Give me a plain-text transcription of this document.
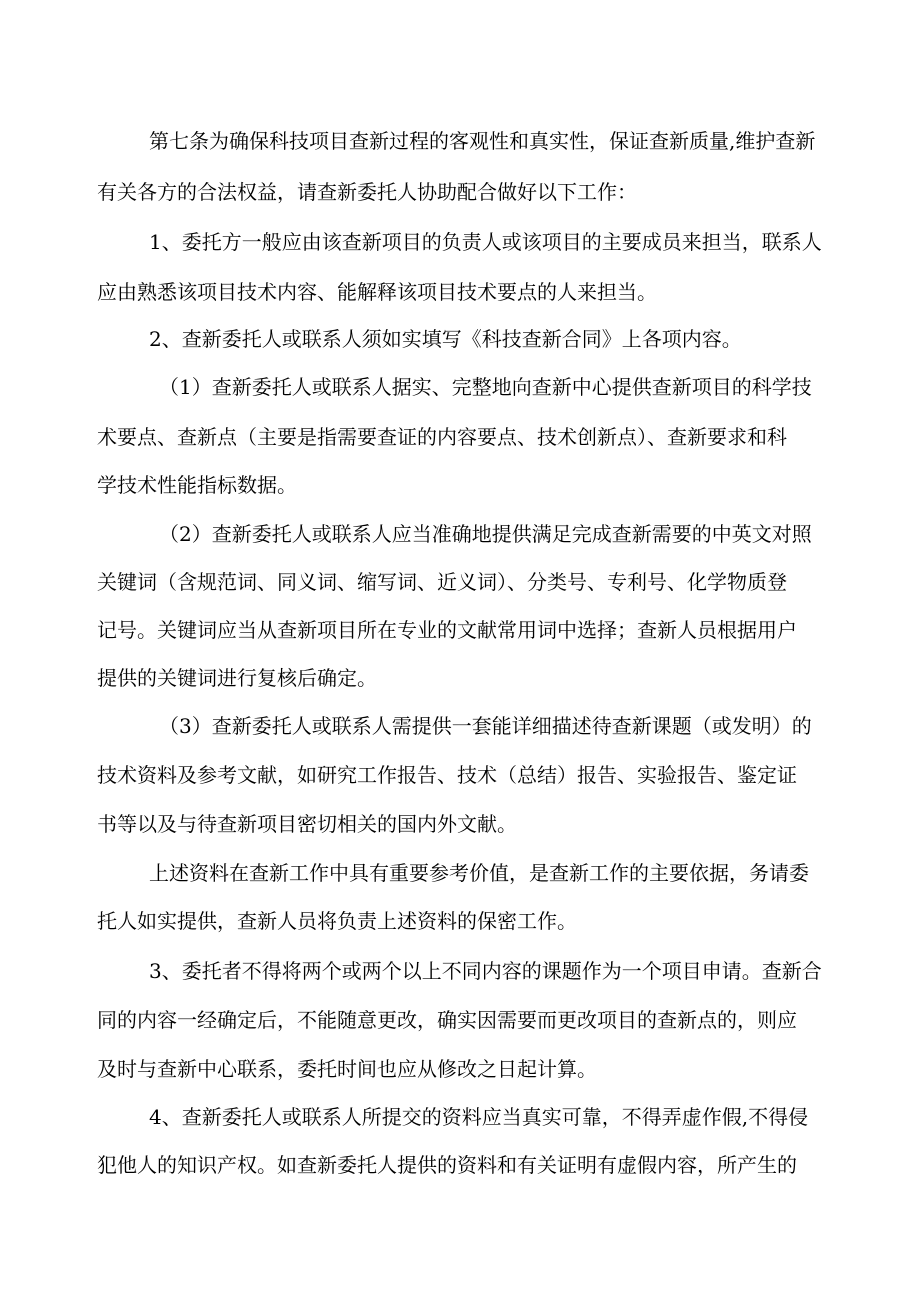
第七条为确保科技项目查新过程的客观性和真实性，保证查新质量,维护查新

有关各方的合法权益，请查新委托人协助配合做好以下工作：

1、委托方一般应由该查新项目的负责人或该项目的主要成员来担当，联系人

应由熟悉该项目技术内容、能解释该项目技术要点的人来担当。

2、查新委托人或联系人须如实填写《科技查新合同》上各项内容。

（1）查新委托人或联系人据实、完整地向查新中心提供查新项目的科学技

术要点、查新点（主要是指需要查证的内容要点、技术创新点）、查新要求和科

学技术性能指标数据。

（2）查新委托人或联系人应当准确地提供满足完成查新需要的中英文对照

关键词（含规范词、同义词、缩写词、近义词）、分类号、专利号、化学物质登

记号。关键词应当从查新项目所在专业的文献常用词中选择；查新人员根据用户

提供的关键词进行复核后确定。

（3）查新委托人或联系人需提供一套能详细描述待查新课题（或发明）的

技术资料及参考文献，如研究工作报告、技术（总结）报告、实验报告、鉴定证

书等以及与待查新项目密切相关的国内外文献。

上述资料在查新工作中具有重要参考价值，是查新工作的主要依据，务请委

托人如实提供，查新人员将负责上述资料的保密工作。

3、委托者不得将两个或两个以上不同内容的课题作为一个项目申请。查新合

同的内容一经确定后，不能随意更改，确实因需要而更改项目的查新点的，则应

及时与查新中心联系，委托时间也应从修改之日起计算。

4、查新委托人或联系人所提交的资料应当真实可靠，不得弄虚作假,不得侵

犯他人的知识产权。如查新委托人提供的资料和有关证明有虚假内容，所产生的
